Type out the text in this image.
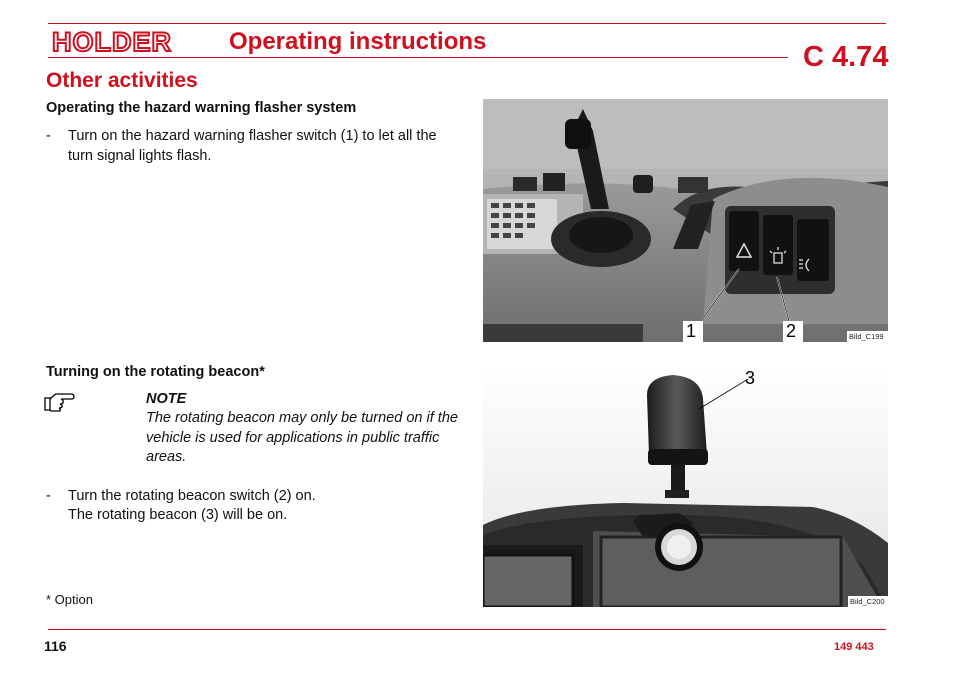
HOLDER Operating instructions	C 4.74
Other activities
Operating the hazard warning flasher system
- Turn on the hazard warning flasher switch (1) to let all the turn signal lights flash.
1	2	Bild_C199
Turning on the rotating beacon*
NOTE
The rotating beacon may only be turned on if the vehicle is used for applications in public traffic areas.
- Turn the rotating beacon switch (2) on.
The rotating beacon (3) will be on.
3
Bild_C200
* Option
116	149 443
